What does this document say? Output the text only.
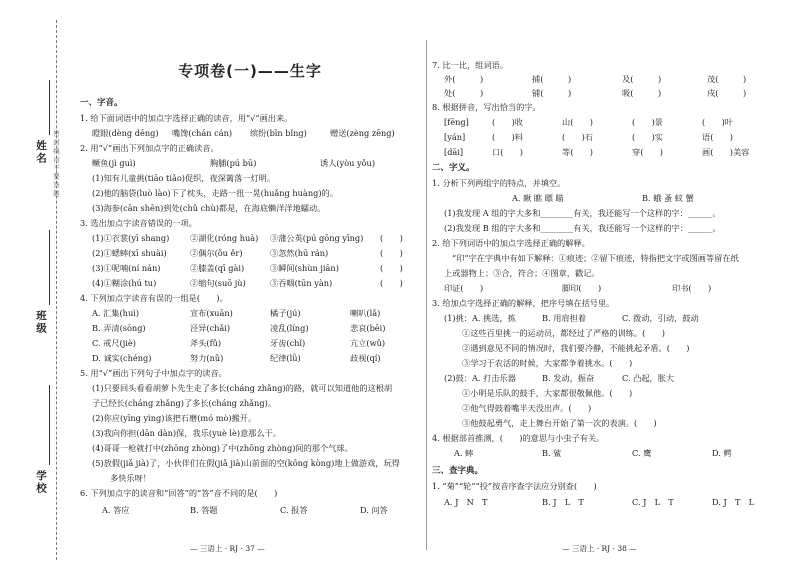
姓名
班级
学校
密 封 线 内 不 要 答 题
专项卷(一)——生字
一、字音。
1. 给下面词语中的加点字选择正确的读音，用“√”画出来。
瞪眼(dèng dēng) 嘴馋(chán cán) 缤纷(bīn bǐng)	赠送(zèng zēng)
2. 用“√”画出下列加点字的正确读音。
鳜鱼(jì guì)	胸脯(pú bū)	诱人(yòu yǒu)
(1)知有儿童挑(tiāo tiǎo)促织，夜深篱落一灯明。
(2)他的脑袋(luò lào)下了枕头，走路一扭一晃(huǎng huàng)的。
(3)海参(cān shēn)到处(chǔ chù)都是，在海底懒洋洋地蠕动。
3. 选出加点字读音错误的一项。
(1)①衣裳(yī shang)	②湖化(róng huà) ③蒲公英(pú gōng yīng) (　　)
(2)①蟋蟀(xī shuài)	②偶尔(ǒu ěr)	③忽然(hū rán)	(　　)
(3)①呢喃(ní nán)	②膝盖(qī gài)	③瞬间(shùn jiān)	(　　)
(4)①糊涂(hú tu)	②缩句(suō jù)	③吞咽(tūn yàn)	(　　)
4. 下列加点字读音有误的一组是(　　)。
A. 汇集(huì)	宣布(xuān)	橘子(jú)	喇叭(lǎ)
B. 弄清(sōng)	泾异(chǎi)	凌乱(líng)	悲哀(bēi)
C. 戒尺(jiè)	斧头(fǔ)	牙齿(chǐ)	亢立(wǔ)
D. 诚实(chéng)	努力(nǔ)	纪律(lǜ)	歧视(qí)
5. 用“√”画出下列句子中加点字的读音。
(1)只要回头看看胡萝卜先生走了多长(cháng zhǎng)的路，就可以知道他的这根胡
子已经长(cháng zhǎng)了多长(cháng zhǎng)。
(2)你应(yīng yìng)该把石磨(mó mò)搬开。
(3)我向你担(dān dàn)保，我乐(yuè lè)意那么干。
(4)哥哥一枪就打中(zhōng zhòng)了中(zhōng zhòng)间的那个气球。
(5)放假(jiǎ jià)了，小伙伴们在假(jiǎ jià)山前面的空(kōng kòng)地上做游戏，玩得
多快乐呀！
6. 下列加点字的读音和“回答”的“答”音不同的是(　　)
A. 答应	B. 答题	C. 报答	D. 问答
— 三语上 · RJ · 37 —
7. 比一比，组词语。
外(　　　)	捕(　　　)	及(　　　)	茂(　　　)
处(　　　)	铺(　　　)	吸(　　　)	戍(　　　)
8. 根据拼音，写出恰当的字。
[fēng]	(　　)收	山(　　)	(　　)景	(　　)叶
[yán]	(　　)料	(　　)石	(　　)实	语(　　)
[dāi]	口(　　)	等(　　)	穿(　　)	画(　　)美容
二、字义。
1. 分析下列两组字的特点，并填空。
A. 瞅 瞧 瞟 瞄	B. 蛾 蚤 蚊 蟹
(1)我发现 A 组的字大多和________有关，我还能写一个这样的字：______。
(2)我发现 B 组的字大多和________有关，我还能写一个这样的字：______。
2. 给下列词语中的加点字选择正确的解释。
“印”字在字典中有如下解释：①痕迹；②留下痕迹，特指把文字或图画等留在纸
上或器物上；③合，符合；④图章，戳记。
印证(　　)	脚印(　　)	印书(　　)
3. 给加点字选择正确的解释，把序号填在括号里。
(1)挑：A. 挑选，拣	B. 用肩担着	C. 拨动，引动，鼓动
①这些百里挑一的运动员，都经过了严格的训练。(　　)
②遇到意见不同的情况时，我们要冷静，不能挑起矛盾。(　　)
③学习于农活的时候，大家都争着挑水。(　　)
(2)鼓：A. 打击乐器	B. 发动，振奋	C. 凸起，胀大
①小明是乐队的鼓手，大家都很敬佩他。(　　)
②他气得鼓着嘴半天没出声。(　　)
③他鼓起勇气，走上舞台开始了第一次的表演。(　　)
4. 根据部首推测，(　　)的意思与小虫子有关。
A. 蟀	B. 鲨	C. 鹰	D. 鳄
三、查字典。
1. “菊”“轮”“投”按音序查字法应分别查(　　)
A. J　N　T	B. J　L　T	C. J　L　T	D. J　T　L
— 三语上 · RJ · 38 —
